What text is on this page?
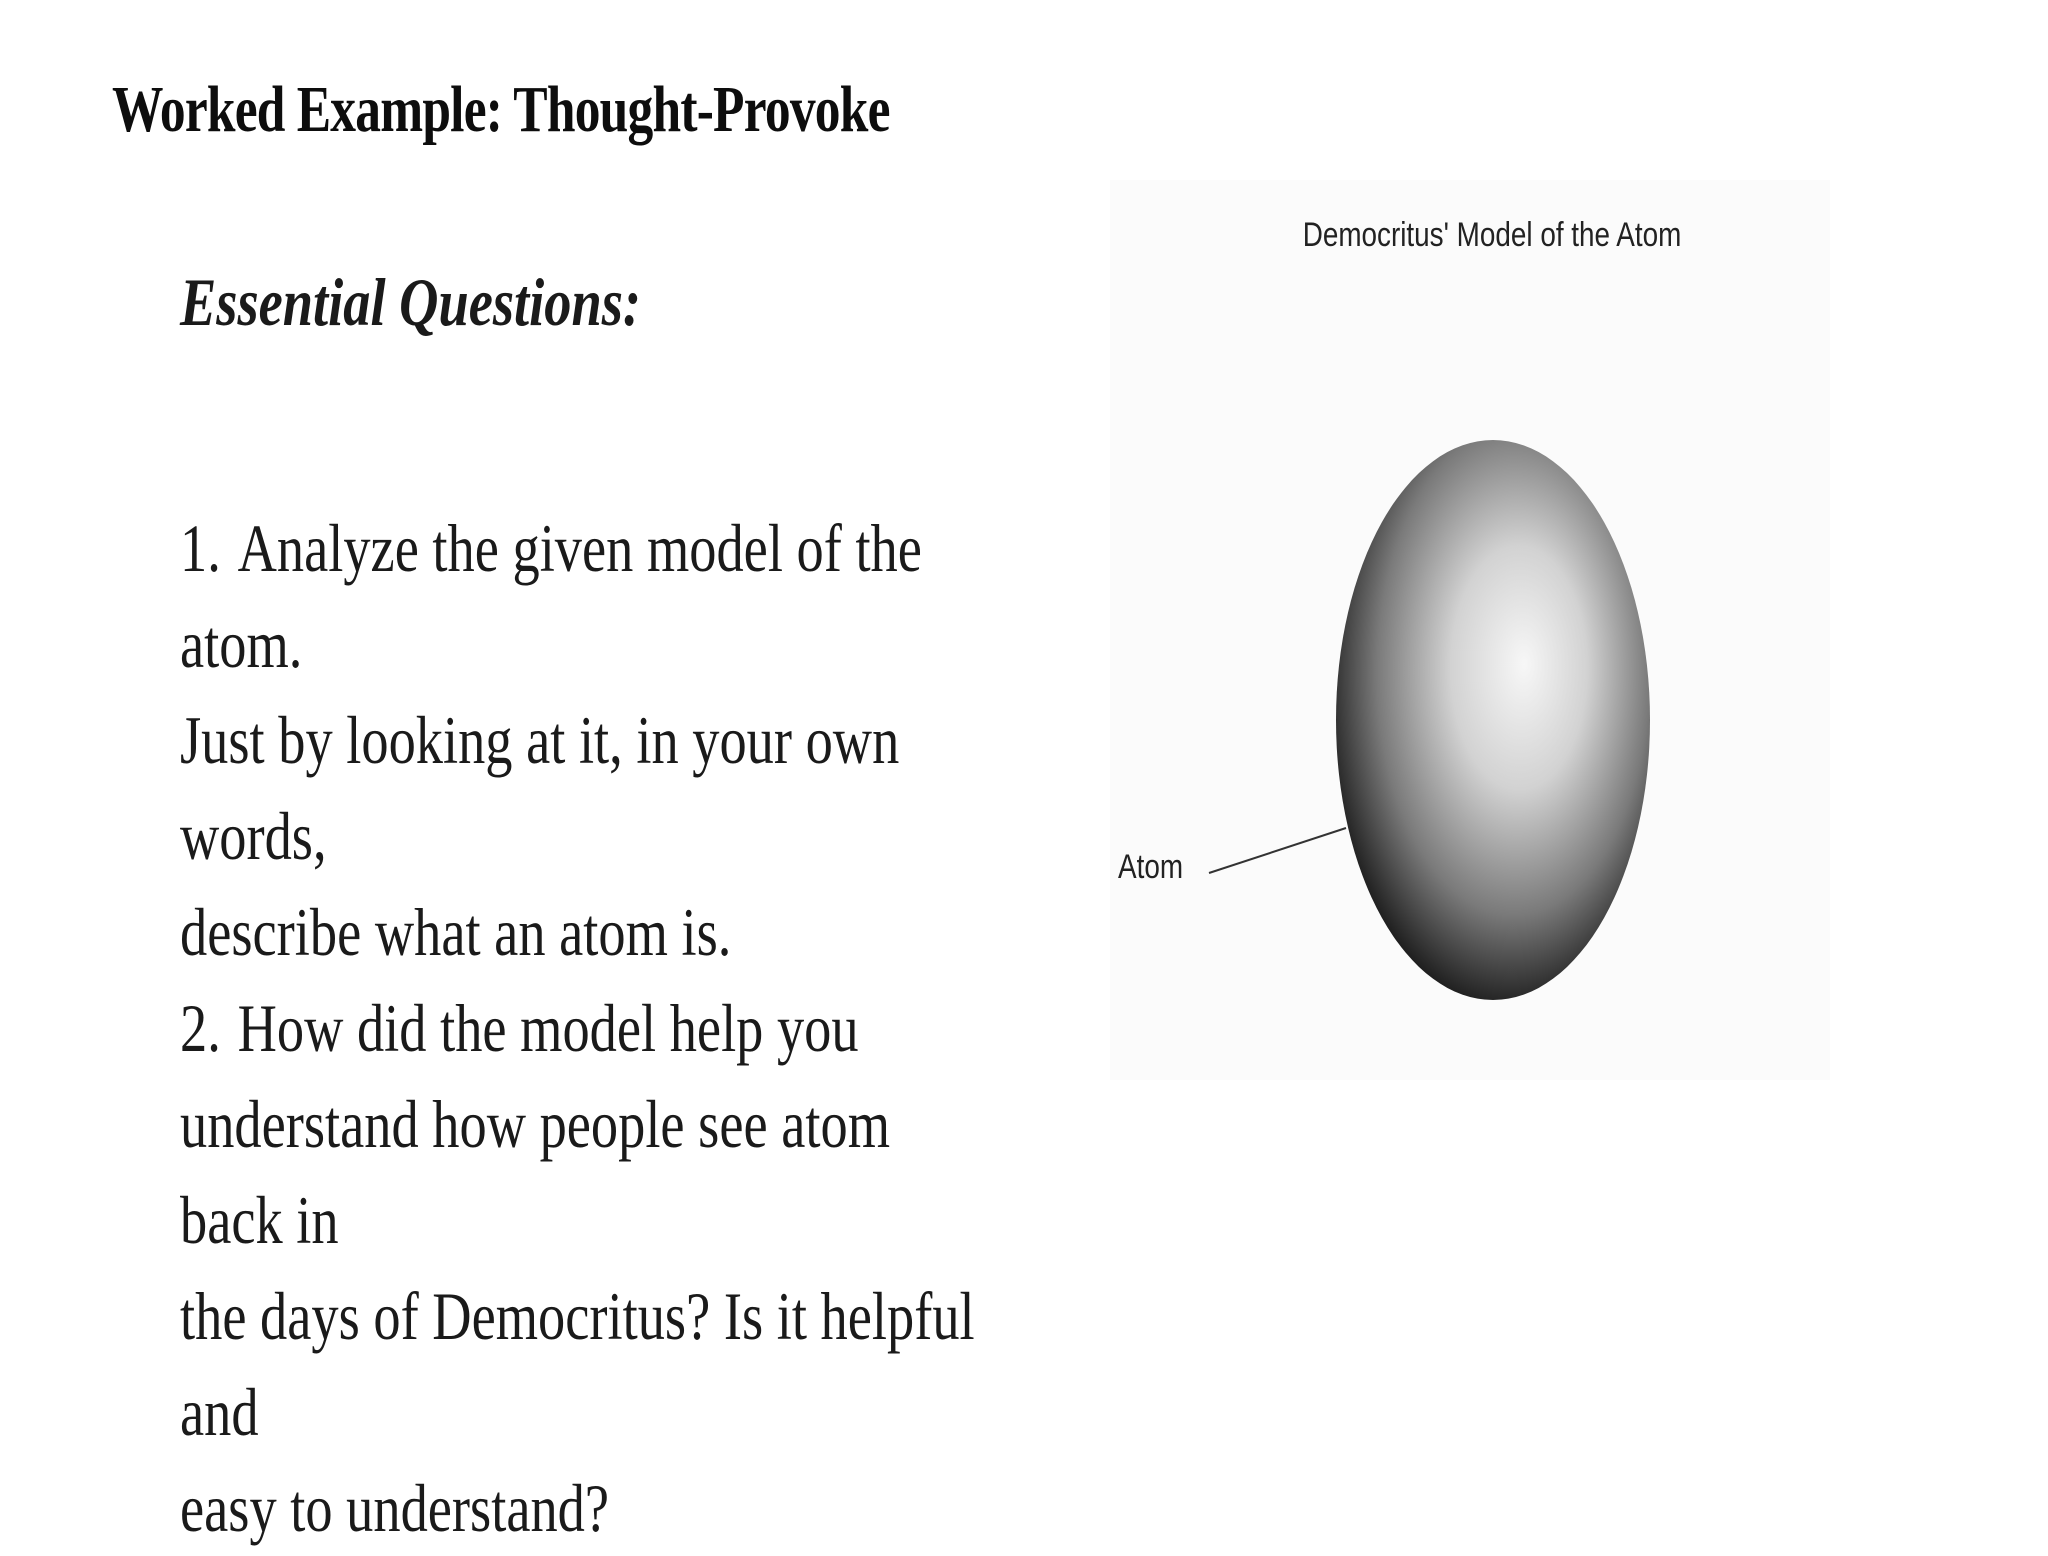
Worked Example: Thought-Provoke
Essential Questions:
1. Analyze the given model of the atom.
Just by looking at it, in your own words,
describe what an atom is.
2. How did the model help you
understand how people see atom back in
the days of Democritus? Is it helpful and
easy to understand?
Democritus' Model of the Atom
Atom
